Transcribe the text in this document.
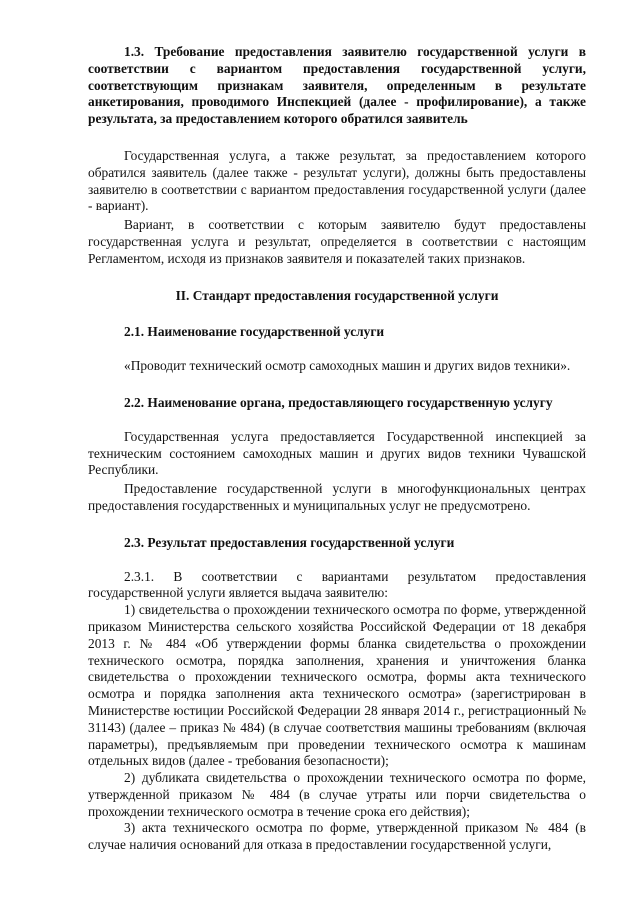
1.3. Требование предоставления заявителю государственной услуги в соответствии с вариантом предоставления государственной услуги, соответствующим признакам заявителя, определенным в результате анкетирования, проводимого Инспекцией (далее - профилирование), а также результата, за предоставлением которого обратился заявитель

Государственная услуга, а также результат, за предоставлением которого обратился заявитель (далее также - результат услуги), должны быть предоставлены заявителю в соответствии с вариантом предоставления государственной услуги (далее - вариант).

Вариант, в соответствии с которым заявителю будут предоставлены государственная услуга и результат, определяется в соответствии с настоящим Регламентом, исходя из признаков заявителя и показателей таких признаков.

II. Стандарт предоставления государственной услуги

2.1. Наименование государственной услуги

«Проводит технический осмотр самоходных машин и других видов техники».

2.2. Наименование органа, предоставляющего государственную услугу

Государственная услуга предоставляется Государственной инспекцией за техническим состоянием самоходных машин и других видов техники Чувашской Республики.

Предоставление государственной услуги в многофункциональных центрах предоставления государственных и муниципальных услуг не предусмотрено.

2.3. Результат предоставления государственной услуги

2.3.1. В соответствии с вариантами результатом предоставления государственной услуги является выдача заявителю:

1) свидетельства о прохождении технического осмотра по форме, утвержденной приказом Министерства сельского хозяйства Российской Федерации от 18 декабря 2013 г. № 484 «Об утверждении формы бланка свидетельства о прохождении технического осмотра, порядка заполнения, хранения и уничтожения бланка свидетельства о прохождении технического осмотра, формы акта технического осмотра и порядка заполнения акта технического осмотра» (зарегистрирован в Министерстве юстиции Российской Федерации 28 января 2014 г., регистрационный № 31143) (далее – приказ № 484) (в случае соответствия машины требованиям (включая параметры), предъявляемым при проведении технического осмотра к машинам отдельных видов (далее - требования безопасности);

2) дубликата свидетельства о прохождении технического осмотра по форме, утвержденной приказом № 484 (в случае утраты или порчи свидетельства о прохождении технического осмотра в течение срока его действия);

3) акта технического осмотра по форме, утвержденной приказом № 484 (в случае наличия оснований для отказа в предоставлении государственной услуги,
